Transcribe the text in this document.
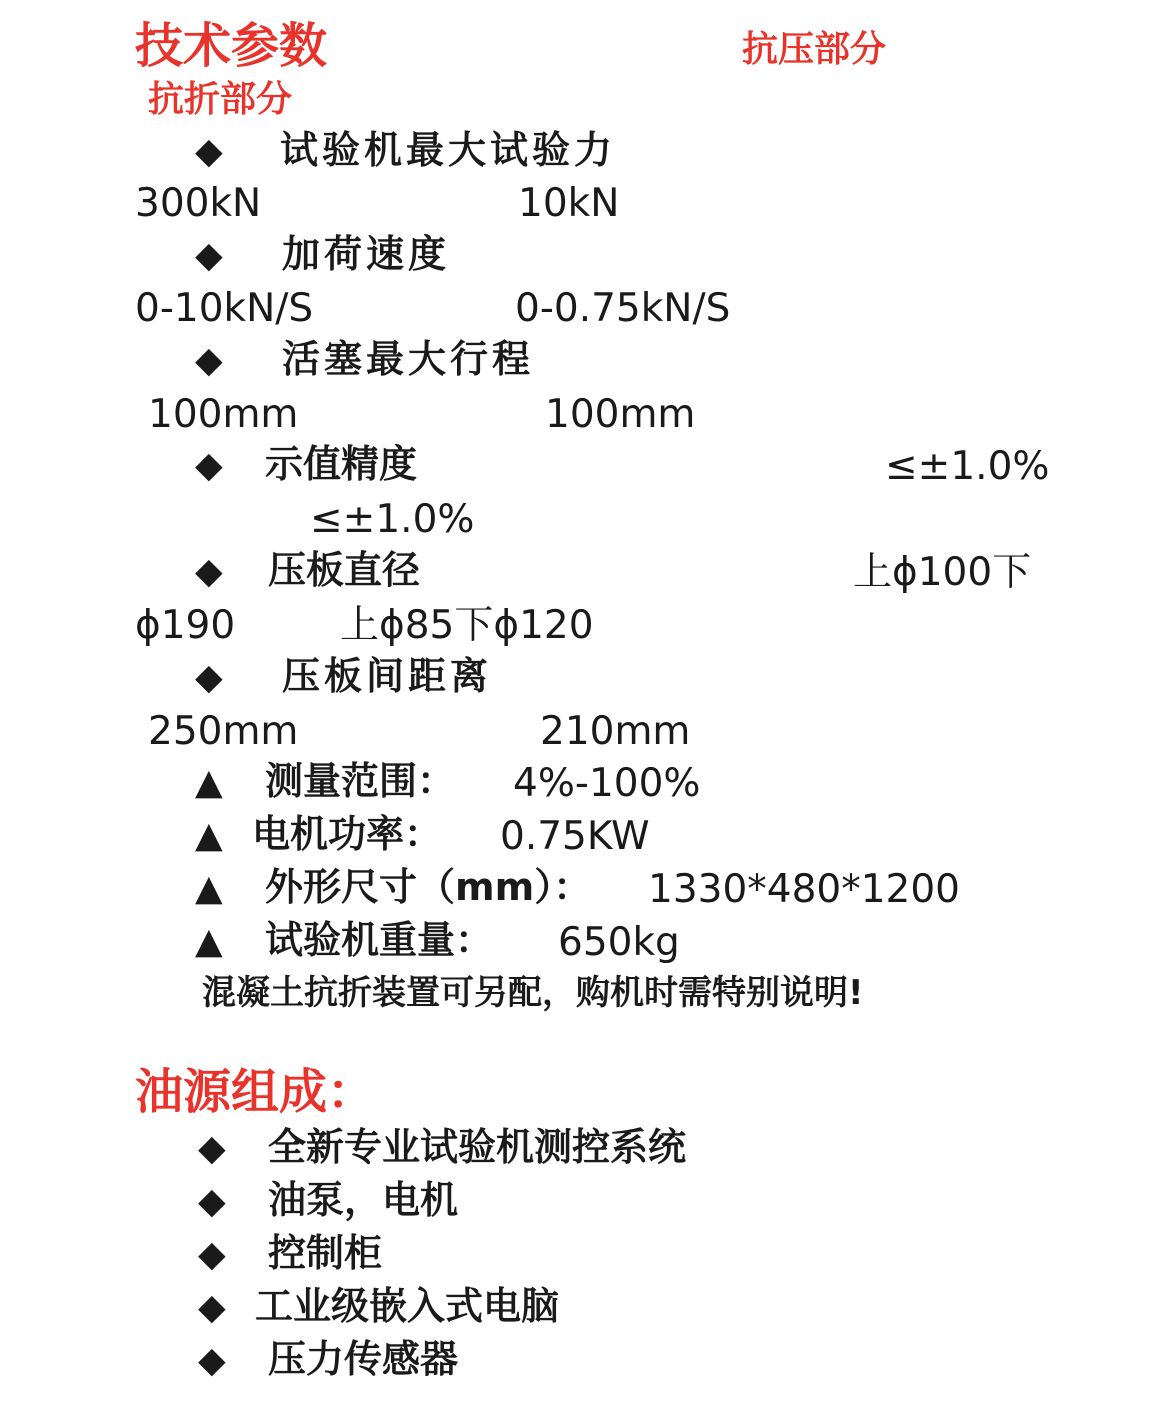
技术参数	抗压部分
抗折部分
◆ 试验机最大试验力
300kN	10kN
◆ 加荷速度
0-10kN/S	0-0.75kN/S
◆ 活塞最大行程
100mm	100mm
◆ 示值精度	≤±1.0%
≤±1.0%
◆ 压板直径	上ϕ100下
ϕ190	上ϕ85下ϕ120
◆ 压板间距离
250mm	210mm
▲ 测量范围： 4%-100%
▲ 电机功率： 0.75KW
▲ 外形尺寸（mm）： 1330*480*1200
▲ 试验机重量： 650kg
混凝土抗折装置可另配，购机时需特别说明!
油源组成：
◆ 全新专业试验机测控系统
◆ 油泵，电机
◆ 控制柜
◆ 工业级嵌入式电脑
◆ 压力传感器
